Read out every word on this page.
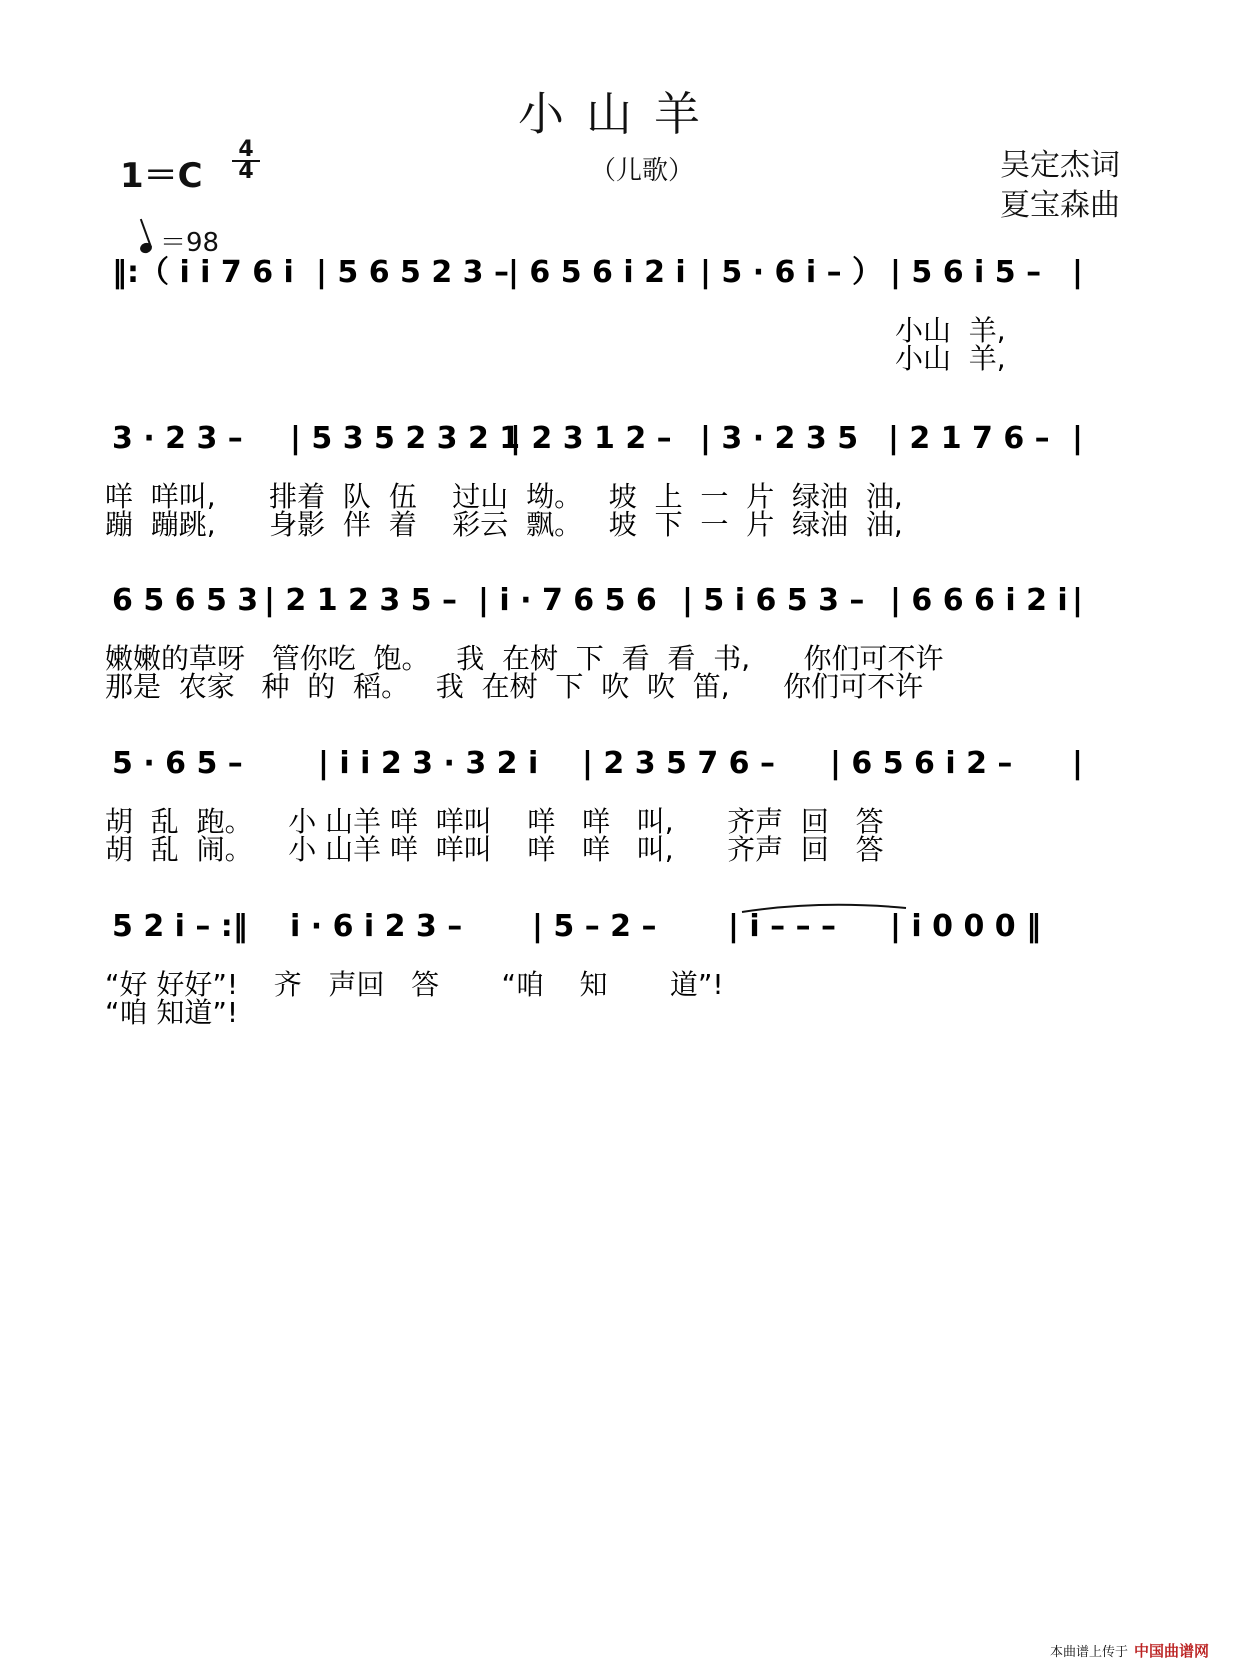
小山羊
（儿歌）
1＝C
4
4	吴定杰词
夏宝森曲
＝98
‖:（ i i 7 6 i | 5 6 5 2 3 – | 6 5 6 i 2 i | 5 · 6 i – ） | 5 6 i 5 – |
小山  羊,
小山  羊,
3 · 2 3 – | 5 3 5 2 3 2 1
| 2 3 1 2 – | 3 · 2 3 5 | 2 1 7 6 – |
咩  咩叫,      排着  队  伍    过山  坳。   坡  上  一  片  绿油  油,
蹦  蹦跳,      身影  伴  着    彩云  飘。   坡  下  一  片  绿油  油,
6 5 6 5 3 | 2 1 2 3 5 – | i · 7 6 5 6 | 5 i 6 5 3 – | 6 6 6 i 2 i |
嫩嫩的草呀   管你吃  饱。   我  在树  下  看  看  书,      你们可不许
那是  农家   种  的  稻。   我  在树  下  吹  吹  笛,      你们可不许
5 · 6 5 –	| i i 2 3 · 3 2 i | 2 3 5 7 6 – | 6 5 6 i 2 – |
胡  乱  跑。    小 山羊 咩  咩叫    咩   咩   叫,      齐声  回   答
胡  乱  闹。    小 山羊 咩  咩叫    咩   咩   叫,      齐声  回   答
5 2 i – :‖ i · 6 i 2 3 – | 5 – 2 – | i – – – | i 0 0 0 ‖
“好 好好”!    齐   声回   答       “咱    知       道”!
“咱 知道”!
本曲谱上传于 中国曲谱网
